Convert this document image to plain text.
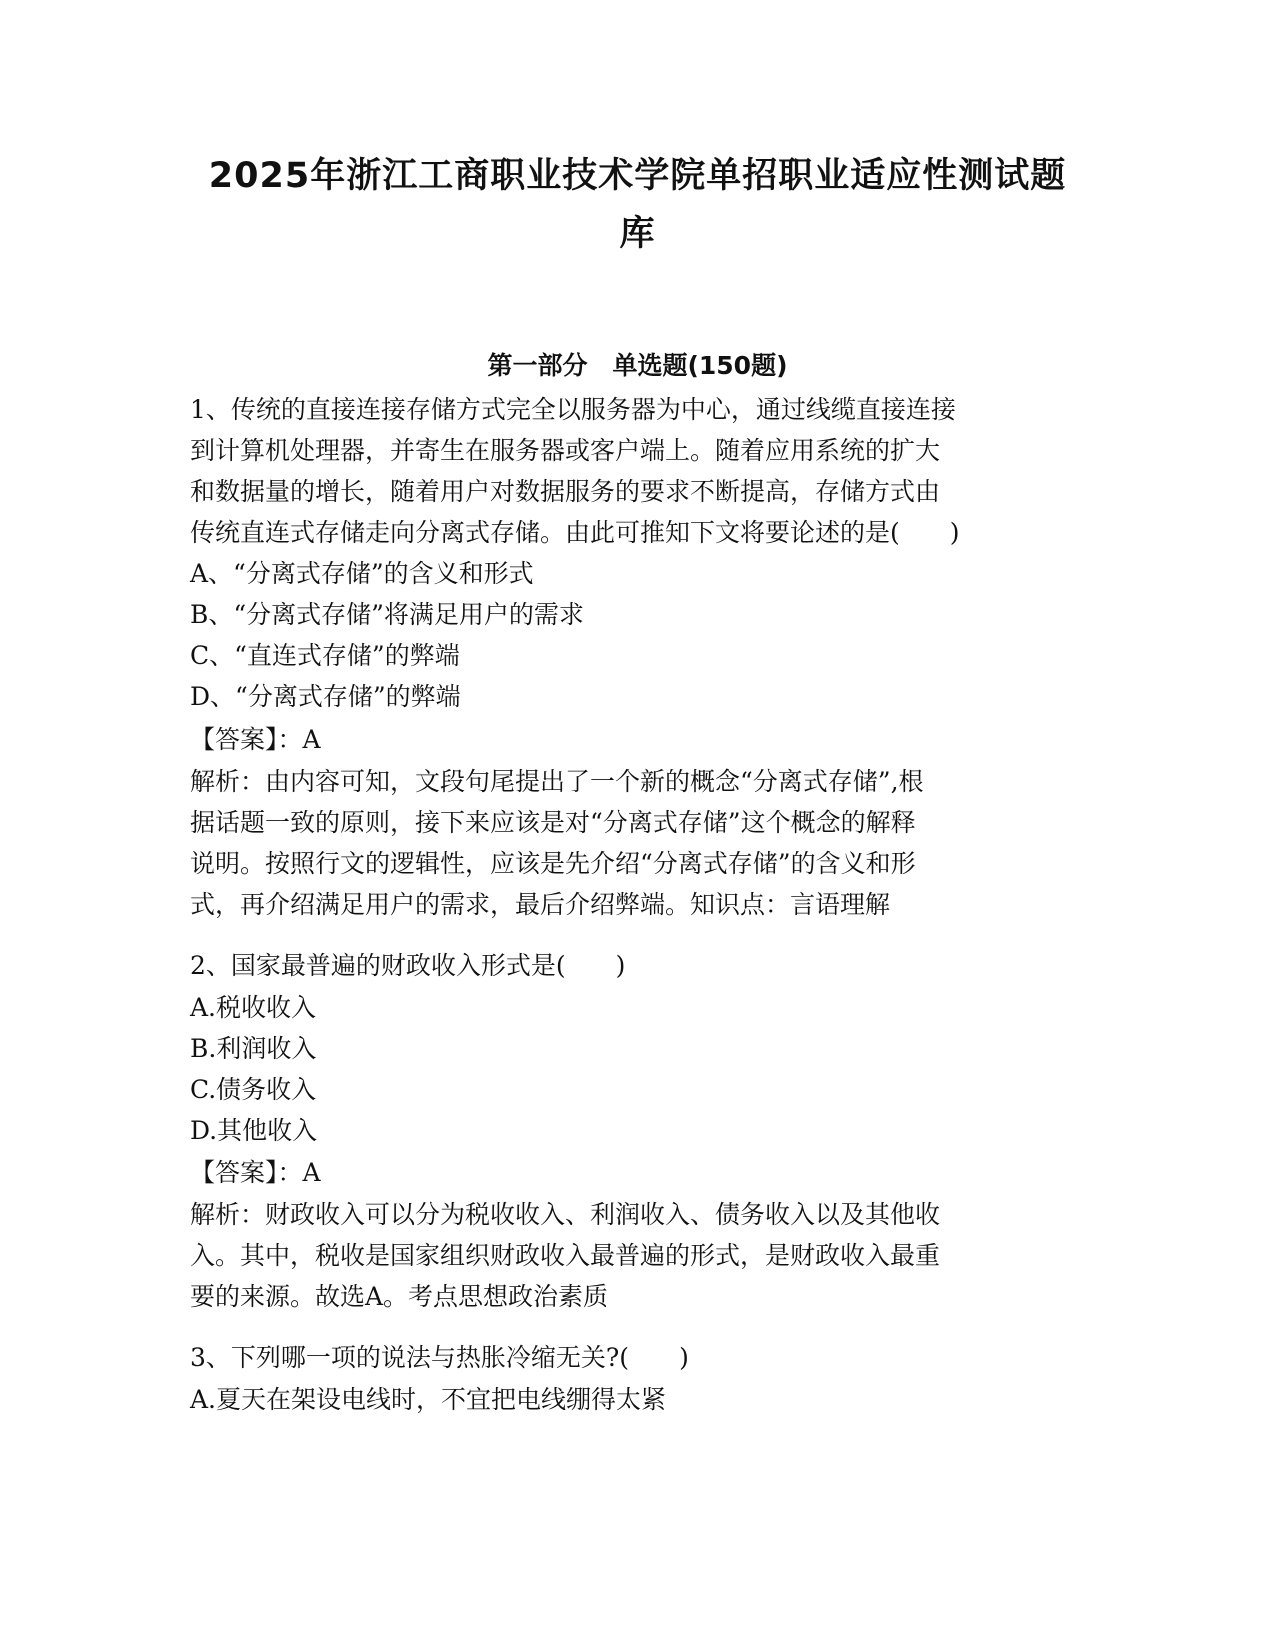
2025年浙江工商职业技术学院单招职业适应性测试题
库
第一部分　单选题(150题)

1、传统的直接连接存储方式完全以服务器为中心，通过线缆直接连接

到计算机处理器，并寄生在服务器或客户端上。随着应用系统的扩大

和数据量的增长，随着用户对数据服务的要求不断提高，存储方式由

传统直连式存储走向分离式存储。由此可推知下文将要论述的是(　　)

A、“分离式存储”的含义和形式

B、“分离式存储”将满足用户的需求

C、“直连式存储”的弊端

D、“分离式存储”的弊端

【答案】：A

解析：由内容可知，文段句尾提出了一个新的概念“分离式存储”,根

据话题一致的原则，接下来应该是对“分离式存储”这个概念的解释

说明。按照行文的逻辑性，应该是先介绍“分离式存储”的含义和形

式，再介绍满足用户的需求，最后介绍弊端。知识点：言语理解

2、国家最普遍的财政收入形式是(　　)

A.税收收入

B.利润收入

C.债务收入

D.其他收入

【答案】：A

解析：财政收入可以分为税收收入、利润收入、债务收入以及其他收

入。其中，税收是国家组织财政收入最普遍的形式，是财政收入最重

要的来源。故选A。考点思想政治素质

3、下列哪一项的说法与热胀冷缩无关?(　　)

A.夏天在架设电线时，不宜把电线绷得太紧
